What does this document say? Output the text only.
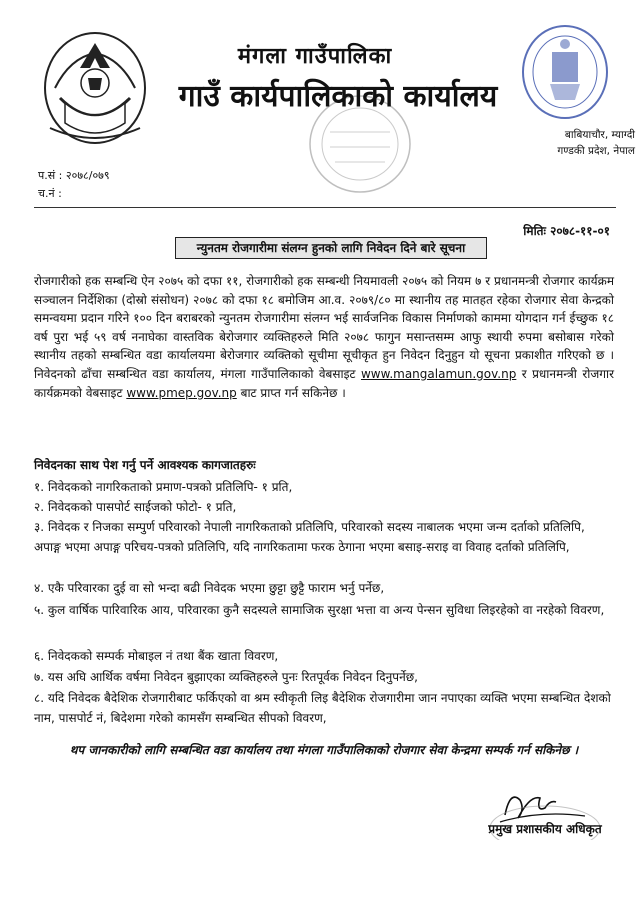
मंगला गाउँपालिका
गाउँ कार्यपालिकाको कार्यालय
बाबियाचौर, म्याग्दी
गण्डकी प्रदेश, नेपाल
प.सं : २०७८/०७९
च.नं :
मितिः २०७८-११-०१
न्युनतम रोजगारीमा संलग्न हुनको लागि निवेदन दिने बारे सूचना
रोजगारीको हक सम्बन्धि ऐन २०७५ को दफा ११, रोजगारीको हक सम्बन्धी नियमावली २०७५ को नियम ७ र प्रधानमन्त्री रोजगार कार्यक्रम सञ्चालन निर्देशिका (दोस्रो संसोधन) २०७८ को दफा १८ बमोजिम आ.व. २०७९/८० मा स्थानीय तह मातहत रहेका रोजगार सेवा केन्द्रको समन्वयमा प्रदान गरिने १०० दिन बराबरको न्युनतम रोजगारीमा संलग्न भई सार्वजनिक विकास निर्माणको काममा योगदान गर्न ईच्छुक १८ वर्ष पुरा भई ५९ वर्ष ननाघेका वास्तविक बेरोजगार व्यक्तिहरुले मिति २०७८ फागुन मसान्तसम्म आफु स्थायी रुपमा बसोबास गरेको स्थानीय तहको सम्बन्धित वडा कार्यालयमा बेरोजगार व्यक्तिको सूचीमा सूचीकृत हुन निवेदन दिनुहुन यो सूचना प्रकाशीत गरिएको छ । निवेदनको ढाँचा सम्बन्धित वडा कार्यालय, मंगला गाउँपालिकाको वेबसाइट www.mangalamun.gov.np र प्रधानमन्त्री रोजगार कार्यक्रमको वेबसाइट www.pmep.gov.np बाट प्राप्त गर्न सकिनेछ ।
निवेदनका साथ पेश गर्नु पर्ने आवश्यक कागजातहरुः
१. निवेदककाे नागरिकताको प्रमाण-पत्रको प्रतिलिपि- १ प्रति,
२. निवेदकको पासपोर्ट साईजको फोटो- १ प्रति,
३. निवेदक र निजका सम्पुर्ण परिवारको नेपाली नागरिकताको प्रतिलिपि, परिवारको सदस्य नाबालक भएमा जन्म दर्ताको प्रतिलिपि, अपाङ्ग भएमा अपाङ्ग परिचय-पत्रको प्रतिलिपि, यदि नागरिकतामा फरक ठेगाना भएमा बसाइ-सराइ वा विवाह दर्ताको प्रतिलिपि,
४. एकै परिवारका दुई वा सो भन्दा बढी निवेदक भएमा छुट्टा छुट्टै फाराम भर्नु पर्नेछ,
५. कुल वार्षिक पारिवारिक आय, परिवारका कुनै सदस्यले सामाजिक सुरक्षा भत्ता वा अन्य पेन्सन सुविधा लिइरहेको वा नरहेको विवरण,
६. निवेदकको सम्पर्क मोबाइल नं तथा बैंक खाता विवरण,
७. यस अघि आर्थिक वर्षमा निवेदन बुझाएका व्यक्तिहरुले पुनः रितपूर्वक निवेदन दिनुपर्नेछ,
८. यदि निवेदक बैदेशिक रोजगारीबाट फर्किएको वा श्रम स्वीकृती लिइ बैदेशिक रोजगारीमा जान नपाएका व्यक्ति भएमा सम्बन्धित देशको नाम, पासपोर्ट नं, बिदेशमा गरेको कामसँग सम्बन्धित सीपको विवरण,
थप जानकारीको लागि सम्बन्धित वडा कार्यालय तथा मंगला गाउँपालिकाको रोजगार सेवा केन्द्रमा सम्पर्क गर्न सकिनेछ ।
प्रमुख प्रशासकीय अधिकृत
